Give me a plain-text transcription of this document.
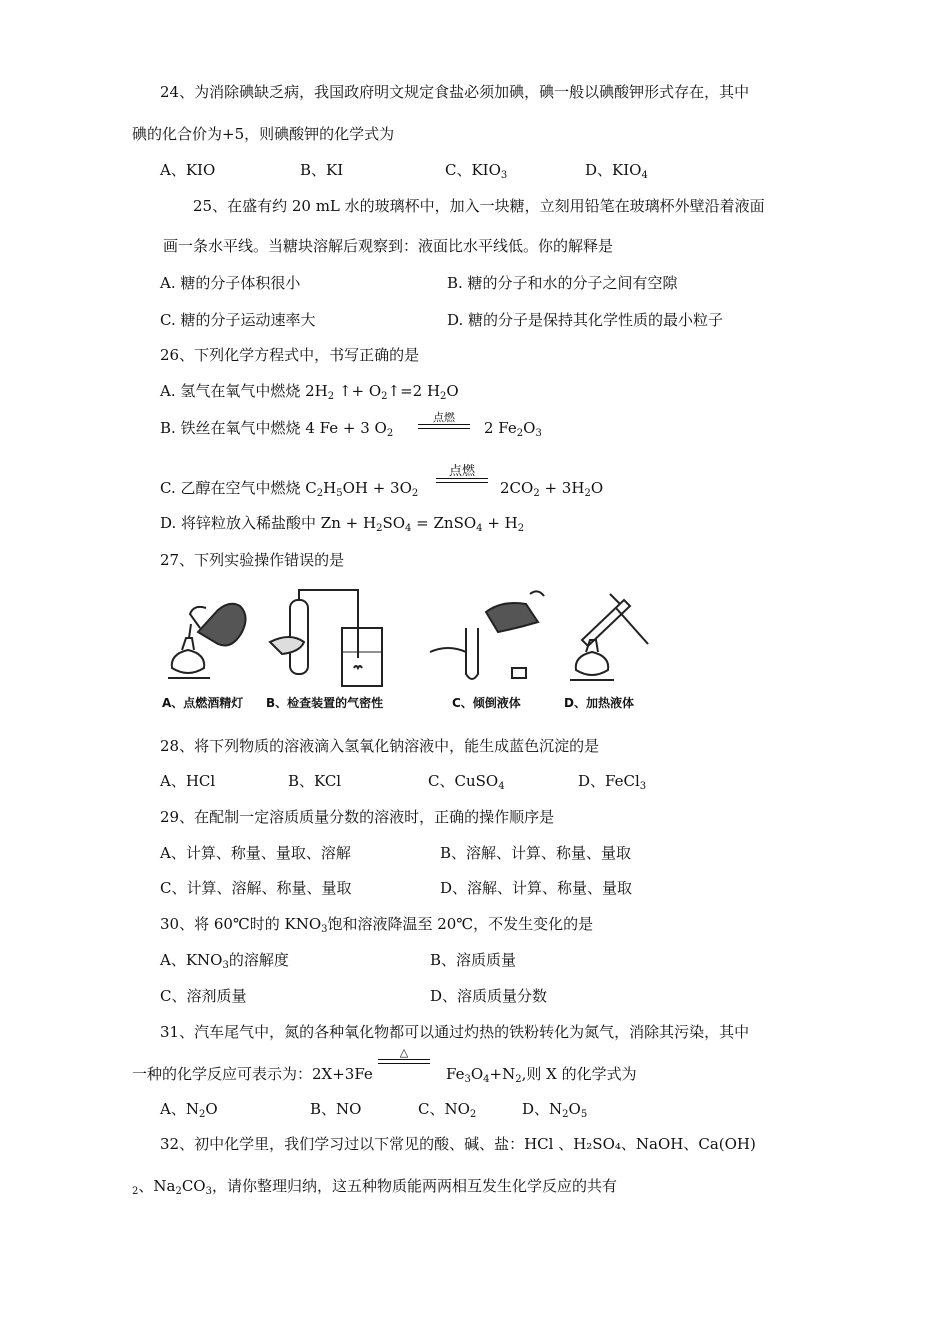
24、为消除碘缺乏病，我国政府明文规定食盐必须加碘，碘一般以碘酸钾形式存在，其中
碘的化合价为+5，则碘酸钾的化学式为
A、KIO	B、KI	C、$KIO_3$	D、$KIO_4$
25、在盛有约 20 mL 水的玻璃杯中，加入一块糖，立刻用铅笔在玻璃杯外壁沿着液面
画一条水平线。当糖块溶解后观察到：液面比水平线低。你的解释是
A. 糖的分子体积很小	B. 糖的分子和水的分子之间有空隙
C. 糖的分子运动速率大	D. 糖的分子是保持其化学性质的最小粒子
26、下列化学方程式中，书写正确的是
A. 氢气在氧气中燃烧 $2H_2$ ↑+ $O_2↑=2$ $H_2O$
B. 铁丝在氧气中燃烧 4 Fe + 3 $O_2$
点燃
2 $Fe_2O_3$
C. 乙醇在空气中燃烧 $C_2H_5OH + 3O_2$
点燃
$2CO_2 + 3H_2O$
D. 将锌粒放入稀盐酸中 $Zn + H_2SO_4$ = ZnSO$_4$ + $H_2$
27、下列实验操作错误的是
A、点燃酒精灯 B、检查装置的气密性	C、倾倒液体	D、加热液体
28、将下列物质的溶液滴入氢氧化钠溶液中，能生成蓝色沉淀的是
A、HCl	B、KCl	C、CuSO$_4$	D、FeCl$_3$
29、在配制一定溶质质量分数的溶液时，正确的操作顺序是
A、计算、称量、量取、溶解	B、溶解、计算、称量、量取
C、计算、溶解、称量、量取	D、溶解、计算、称量、量取
30、将 60℃时的 $KNO_3$饱和溶液降温至 20℃，不发生变化的是
A、$KNO_3$的溶解度	B、溶质质量
C、溶剂质量	D、溶质质量分数
31、汽车尾气中，氮的各种氧化物都可以通过灼热的铁粉转化为氮气，消除其污染，其中
一种的化学反应可表示为：2X+3Fe
△
$Fe_3O_4+N_2$,则 X 的化学式为
A、$N_2O$	B、NO	C、$NO_2$	D、$N_2O_5$
32、初中化学里，我们学习过以下常见的酸、碱、盐：HCl 、H₂SO₄、NaOH、Ca(OH)
$_2$、$Na_2CO_3$，请你整理归纳，这五种物质能两两相互发生化学反应的共有
